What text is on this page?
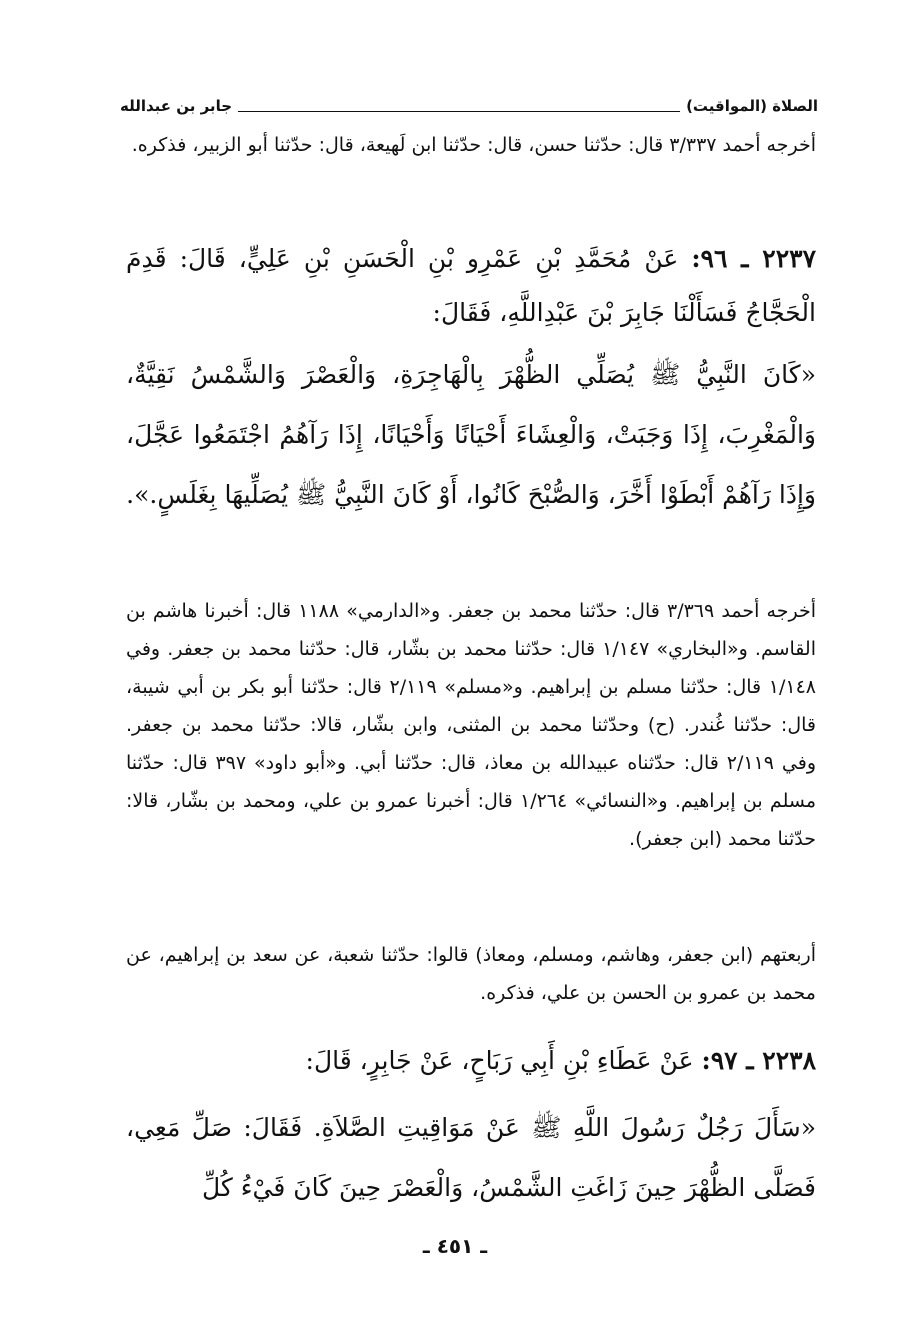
الصلاة (المواقيت)
جابر بن عبدالله

أخرجه أحمد ٣/٣٣٧ قال: حدّثنا حسن، قال: حدّثنا ابن لَهيعة، قال: حدّثنا أبو الزبير، فذكره.

٢٢٣٧ ـ ٩٦: عَنْ مُحَمَّدِ بْنِ عَمْرِو بْنِ الْحَسَنِ بْنِ عَلِيٍّ، قَالَ: قَدِمَ الْحَجَّاجُ فَسَأَلْنَا جَابِرَ بْنَ عَبْدِاللَّهِ، فَقَالَ:

«كَانَ النَّبِيُّ ﷺ يُصَلِّي الظُّهْرَ بِالْهَاجِرَةِ، وَالْعَصْرَ وَالشَّمْسُ نَقِيَّةٌ، وَالْمَغْرِبَ، إِذَا وَجَبَتْ، وَالْعِشَاءَ أَحْيَانًا وَأَحْيَانًا، إِذَا رَآهُمُ اجْتَمَعُوا عَجَّلَ، وَإِذَا رَآهُمْ أَبْطَوْا أَخَّرَ، وَالصُّبْحَ كَانُوا، أَوْ كَانَ النَّبِيُّ ﷺ يُصَلِّيهَا بِغَلَسٍ.».

أخرجه أحمد ٣/٣٦٩ قال: حدّثنا محمد بن جعفر. و«الدارمي» ١١٨٨ قال: أخبرنا هاشم بن القاسم. و«البخاري» ١/١٤٧ قال: حدّثنا محمد بن بشّار، قال: حدّثنا محمد بن جعفر. وفي ١/١٤٨ قال: حدّثنا مسلم بن إبراهيم. و«مسلم» ٢/١١٩ قال: حدّثنا أبو بكر بن أبي شيبة، قال: حدّثنا غُندر. (ح) وحدّثنا محمد بن المثنى، وابن بشّار، قالا: حدّثنا محمد بن جعفر. وفي ٢/١١٩ قال: حدّثناه عبيدالله بن معاذ، قال: حدّثنا أبي. و«أبو داود» ٣٩٧ قال: حدّثنا مسلم بن إبراهيم. و«النسائي» ١/٢٦٤ قال: أخبرنا عمرو بن علي، ومحمد بن بشّار، قالا: حدّثنا محمد (ابن جعفر).

أربعتهم (ابن جعفر، وهاشم، ومسلم، ومعاذ) قالوا: حدّثنا شعبة، عن سعد بن إبراهيم، عن محمد بن عمرو بن الحسن بن علي، فذكره.

٢٢٣٨ ـ ٩٧: عَنْ عَطَاءِ بْنِ أَبِي رَبَاحٍ، عَنْ جَابِرٍ، قَالَ:

«سَأَلَ رَجُلٌ رَسُولَ اللَّهِ ﷺ عَنْ مَوَاقِيتِ الصَّلاَةِ. فَقَالَ: صَلِّ مَعِي، فَصَلَّى الظُّهْرَ حِينَ زَاغَتِ الشَّمْسُ، وَالْعَصْرَ حِينَ كَانَ فَيْءُ كُلِّ

ـ ٤٥١ ـ
